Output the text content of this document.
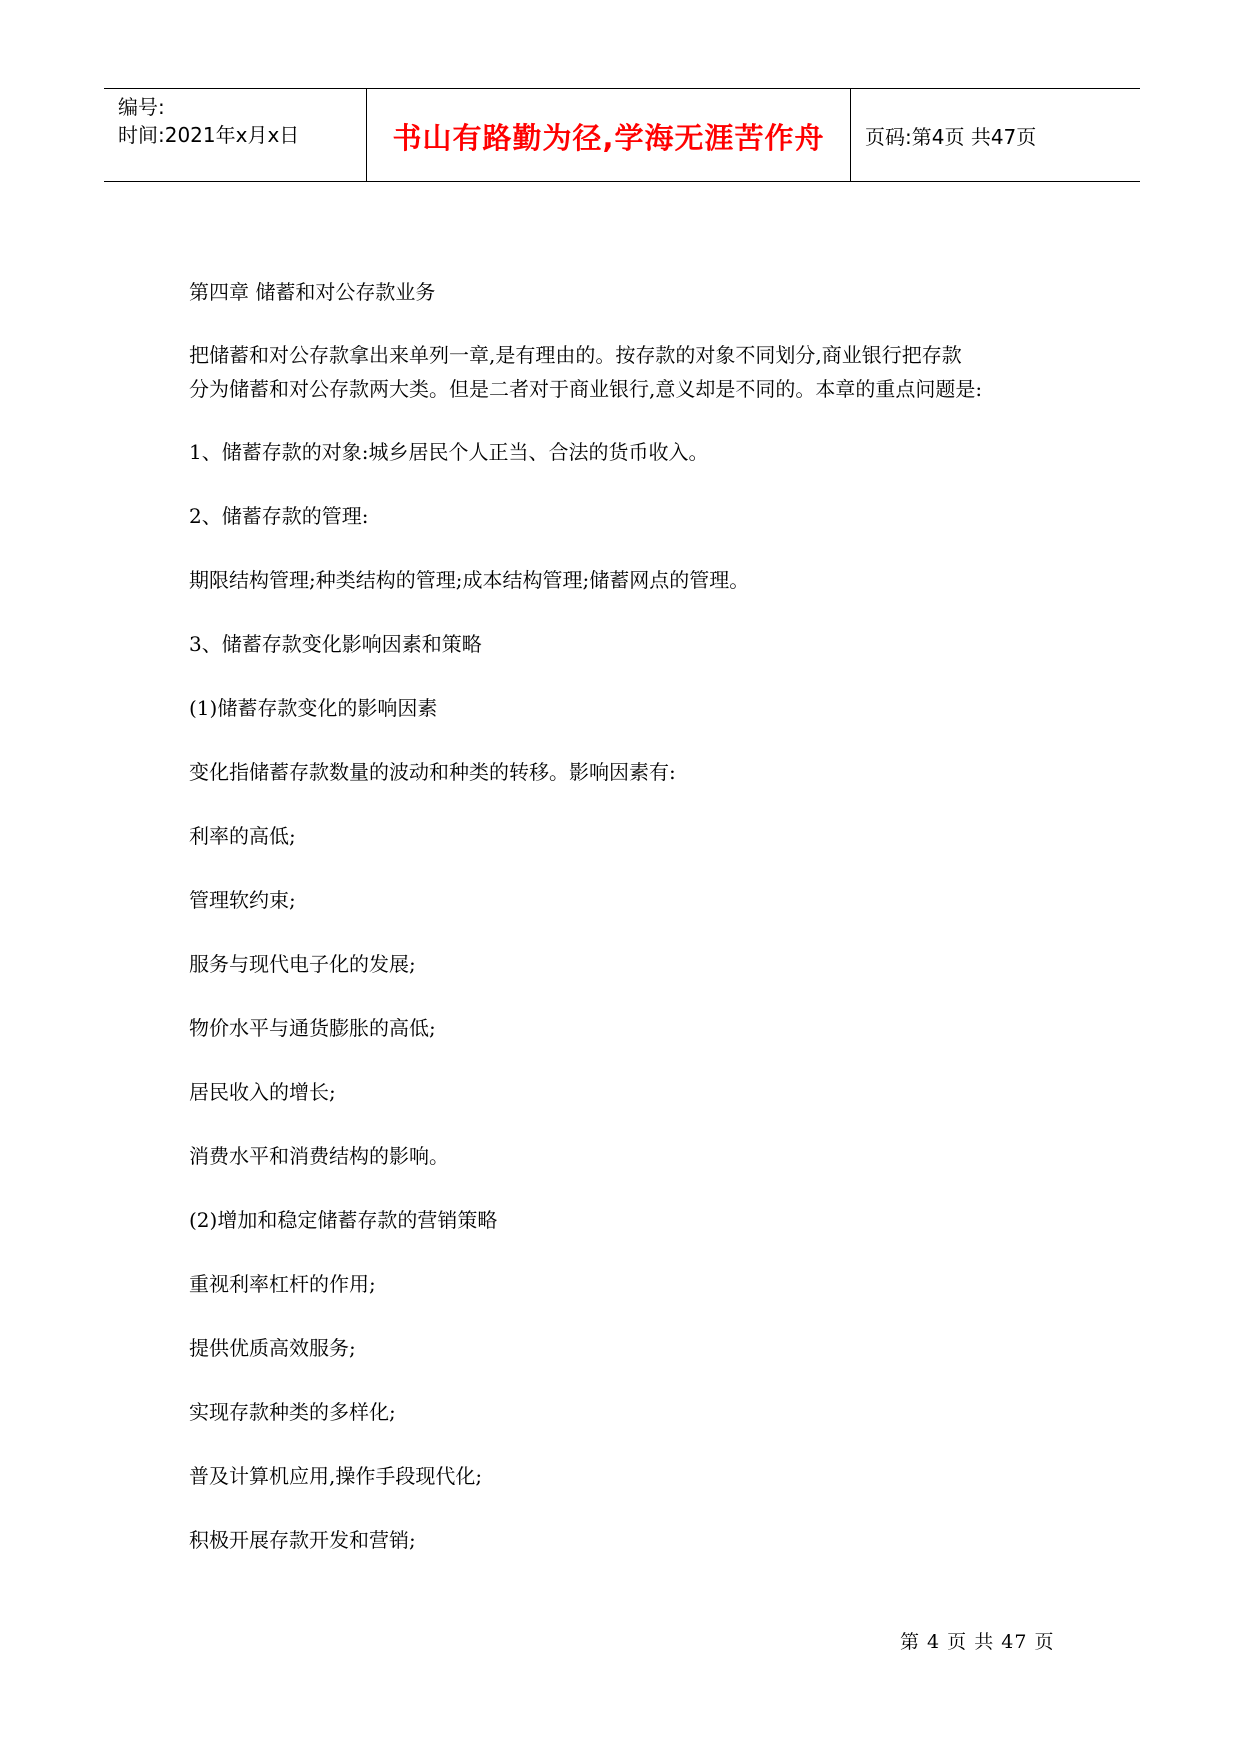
编号:
时间:2021年x月x日	书山有路勤为径,学海无涯苦作舟	页码:第4页 共47页
第四章 储蓄和对公存款业务
把储蓄和对公存款拿出来单列一章,是有理由的。按存款的对象不同划分,商业银行把存款
分为储蓄和对公存款两大类。但是二者对于商业银行,意义却是不同的。本章的重点问题是:
1、储蓄存款的对象:城乡居民个人正当、合法的货币收入。
2、储蓄存款的管理:
期限结构管理;种类结构的管理;成本结构管理;储蓄网点的管理。
3、储蓄存款变化影响因素和策略
(1)储蓄存款变化的影响因素
变化指储蓄存款数量的波动和种类的转移。影响因素有:
利率的高低;
管理软约束;
服务与现代电子化的发展;
物价水平与通货膨胀的高低;
居民收入的增长;
消费水平和消费结构的影响。
(2)增加和稳定储蓄存款的营销策略
重视利率杠杆的作用;
提供优质高效服务;
实现存款种类的多样化;
普及计算机应用,操作手段现代化;
积极开展存款开发和营销;
第 4 页 共 47 页
